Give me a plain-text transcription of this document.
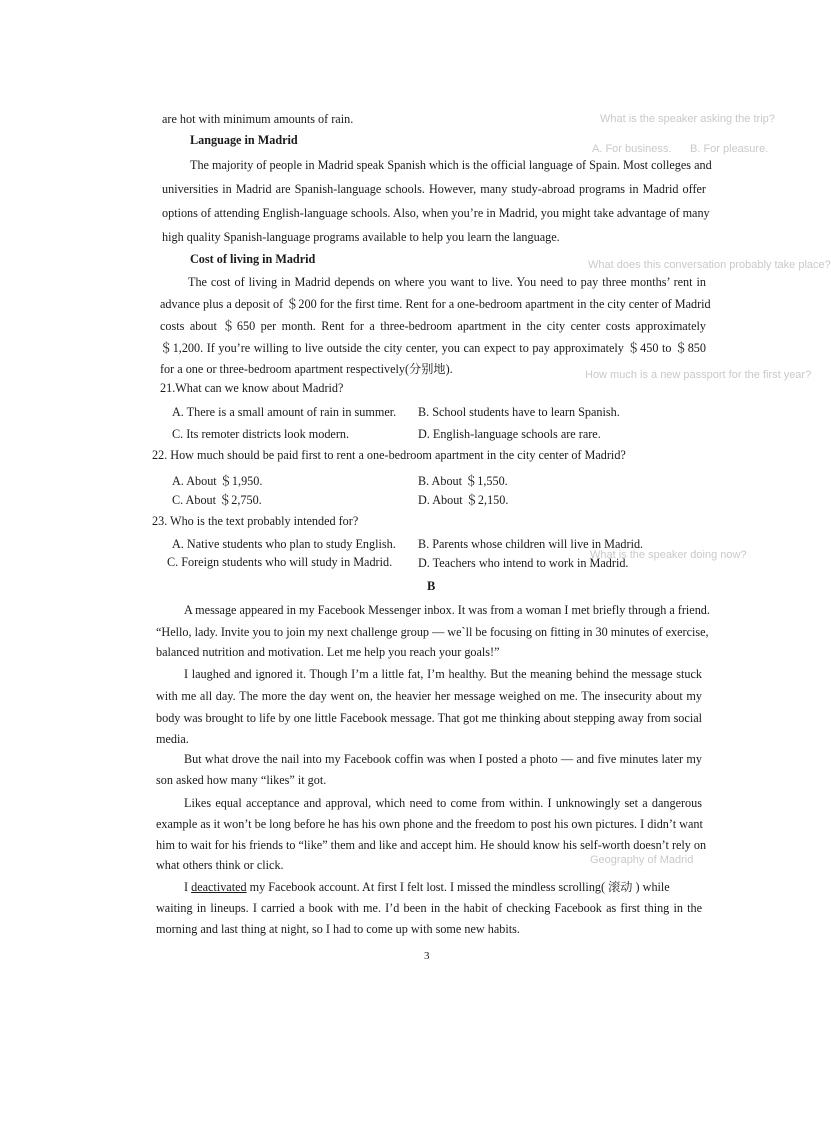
What is the speaker asking the trip?
A. For business. B. For pleasure.
What does this conversation probably take place?
How much is a new passport for the first year?
What is the speaker doing now?
Geography of Madrid
are hot with minimum amounts of rain.
Language in Madrid
The majority of people in Madrid speak Spanish which is the official language of Spain. Most colleges and
universities in Madrid are Spanish-language schools. However, many study-abroad programs in Madrid offer
options of attending English-language schools. Also, when you’re in Madrid, you might take advantage of many
high quality Spanish-language programs available to help you learn the language.
Cost of living in Madrid
The cost of living in Madrid depends on where you want to live. You need to pay three months’ rent in
advance plus a deposit of ＄200 for the first time. Rent for a one-bedroom apartment in the city center of Madrid
costs about ＄650 per month. Rent for a three-bedroom apartment in the city center costs approximately
＄1,200. If you’re willing to live outside the city center, you can expect to pay approximately ＄450 to ＄850
for a one or three-bedroom apartment respectively(分别地).
21.What can we know about Madrid?
A. There is a small amount of rain in summer. B. School students have to learn Spanish.
C. Its remoter districts look modern.	D. English-language schools are rare.
22. How much should be paid first to rent a one-bedroom apartment in the city center of Madrid?
A. About ＄1,950.	B. About ＄1,550.
C. About ＄2,750.	D. About ＄2,150.
23. Who is the text probably intended for?
A. Native students who plan to study English. B. Parents whose children will live in Madrid.
C. Foreign students who will study in Madrid. D. Teachers who intend to work in Madrid.
B
A message appeared in my Facebook Messenger inbox. It was from a woman I met briefly through a friend.
“Hello, lady. Invite you to join my next challenge group — we`ll be focusing on fitting in 30 minutes of exercise,
balanced nutrition and motivation. Let me help you reach your goals!”
I laughed and ignored it. Though I’m a little fat, I’m healthy. But the meaning behind the message stuck
with me all day. The more the day went on, the heavier her message weighed on me. The insecurity about my
body was brought to life by one little Facebook message. That got me thinking about stepping away from social
media.
But what drove the nail into my Facebook coffin was when I posted a photo — and five minutes later my
son asked how many “likes” it got.
Likes equal acceptance and approval, which need to come from within. I unknowingly set a dangerous
example as it won’t be long before he has his own phone and the freedom to post his own pictures. I didn’t want
him to wait for his friends to “like” them and like and accept him. He should know his self-worth doesn’t rely on
what others think or click.
I deactivated my Facebook account. At first I felt lost. I missed the mindless scrolling( 滚动 ) while
waiting in lineups. I carried a book with me. I’d been in the habit of checking Facebook as first thing in the
morning and last thing at night, so I had to come up with some new habits.
3
